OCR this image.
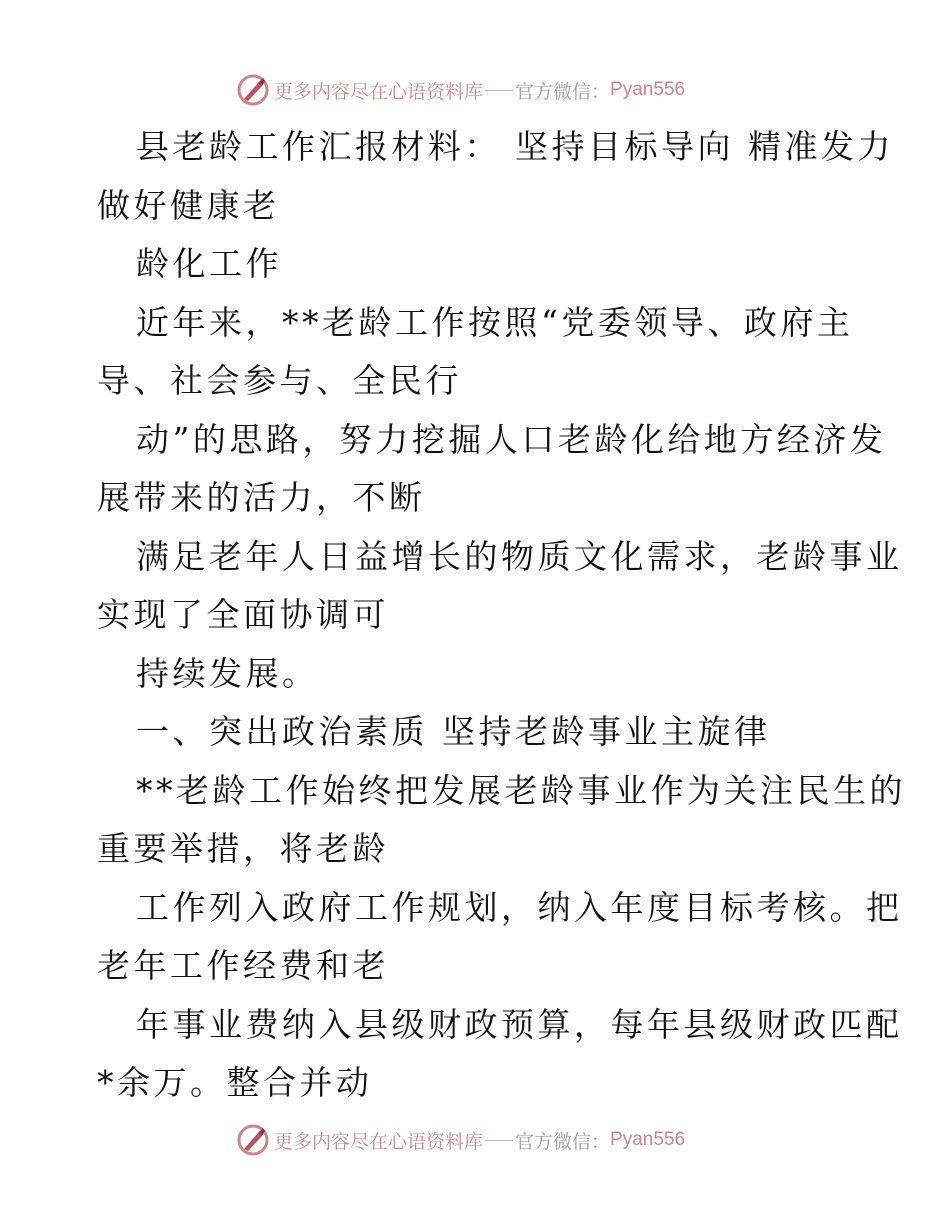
更多内容尽在心语资料库 官方微信： Pyan556
县老龄工作汇报材料： 坚持目标导向 精准发力
做好健康老
龄化工作
近年来，**老龄工作按照“党委领导、政府主
导、社会参与、全民行
动”的思路，努力挖掘人口老龄化给地方经济发
展带来的活力，不断
满足老年人日益增长的物质文化需求，老龄事业
实现了全面协调可
持续发展。
一、突出政治素质 坚持老龄事业主旋律
**老龄工作始终把发展老龄事业作为关注民生的
重要举措，将老龄
工作列入政府工作规划，纳入年度目标考核。把
老年工作经费和老
年事业费纳入县级财政预算，每年县级财政匹配
*余万。整合并动
更多内容尽在心语资料库 官方微信： Pyan556
